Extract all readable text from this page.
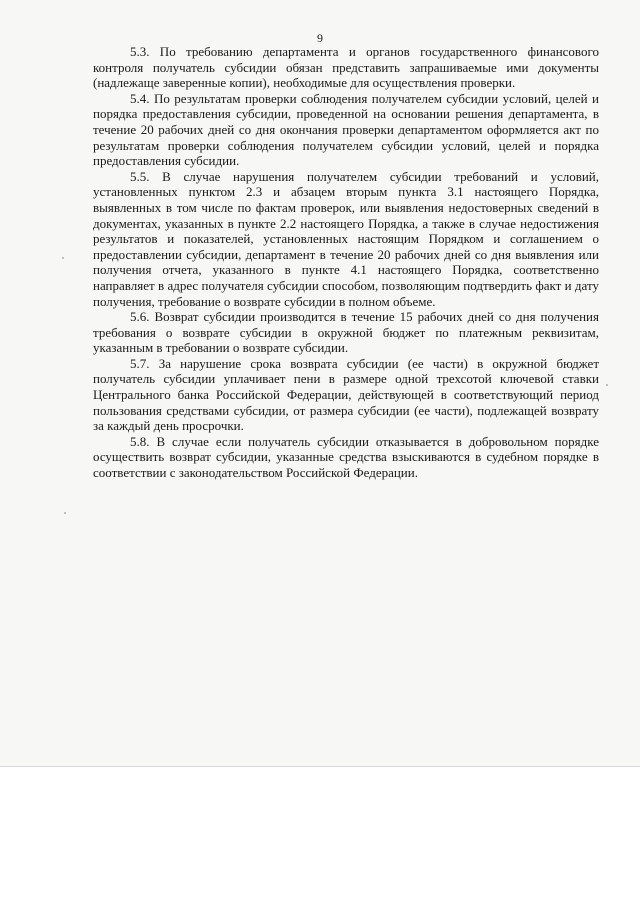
9

5.3. По требованию департамента и органов государственного финансового контроля получатель субсидии обязан представить запрашиваемые ими документы (надлежаще заверенные копии), необходимые для осуществления проверки.

5.4. По результатам проверки соблюдения получателем субсидии условий, целей и порядка предоставления субсидии, проведенной на основании решения департамента, в течение 20 рабочих дней со дня окончания проверки департаментом оформляется акт по результатам проверки соблюдения получателем субсидии условий, целей и порядка предоставления субсидии.

5.5. В случае нарушения получателем субсидии требований и условий, установленных пунктом 2.3 и абзацем вторым пункта 3.1 настоящего Порядка, выявленных в том числе по фактам проверок, или выявления недостоверных сведений в документах, указанных в пункте 2.2 настоящего Порядка, а также в случае недостижения результатов и показателей, установленных настоящим Порядком и соглашением о предоставлении субсидии, департамент в течение 20 рабочих дней со дня выявления или получения отчета, указанного в пункте 4.1 настоящего Порядка, соответственно направляет в адрес получателя субсидии способом, позволяющим подтвердить факт и дату получения, требование о возврате субсидии в полном объеме.

5.6. Возврат субсидии производится в течение 15 рабочих дней со дня получения требования о возврате субсидии в окружной бюджет по платежным реквизитам, указанным в требовании о возврате субсидии.

5.7. За нарушение срока возврата субсидии (ее части) в окружной бюджет получатель субсидии уплачивает пени в размере одной трехсотой ключевой ставки Центрального банка Российской Федерации, действующей в соответствующий период пользования средствами субсидии, от размера субсидии (ее части), подлежащей возврату за каждый день просрочки.

5.8. В случае если получатель субсидии отказывается в добровольном порядке осуществить возврат субсидии, указанные средства взыскиваются в судебном порядке в соответствии с законодательством Российской Федерации.
